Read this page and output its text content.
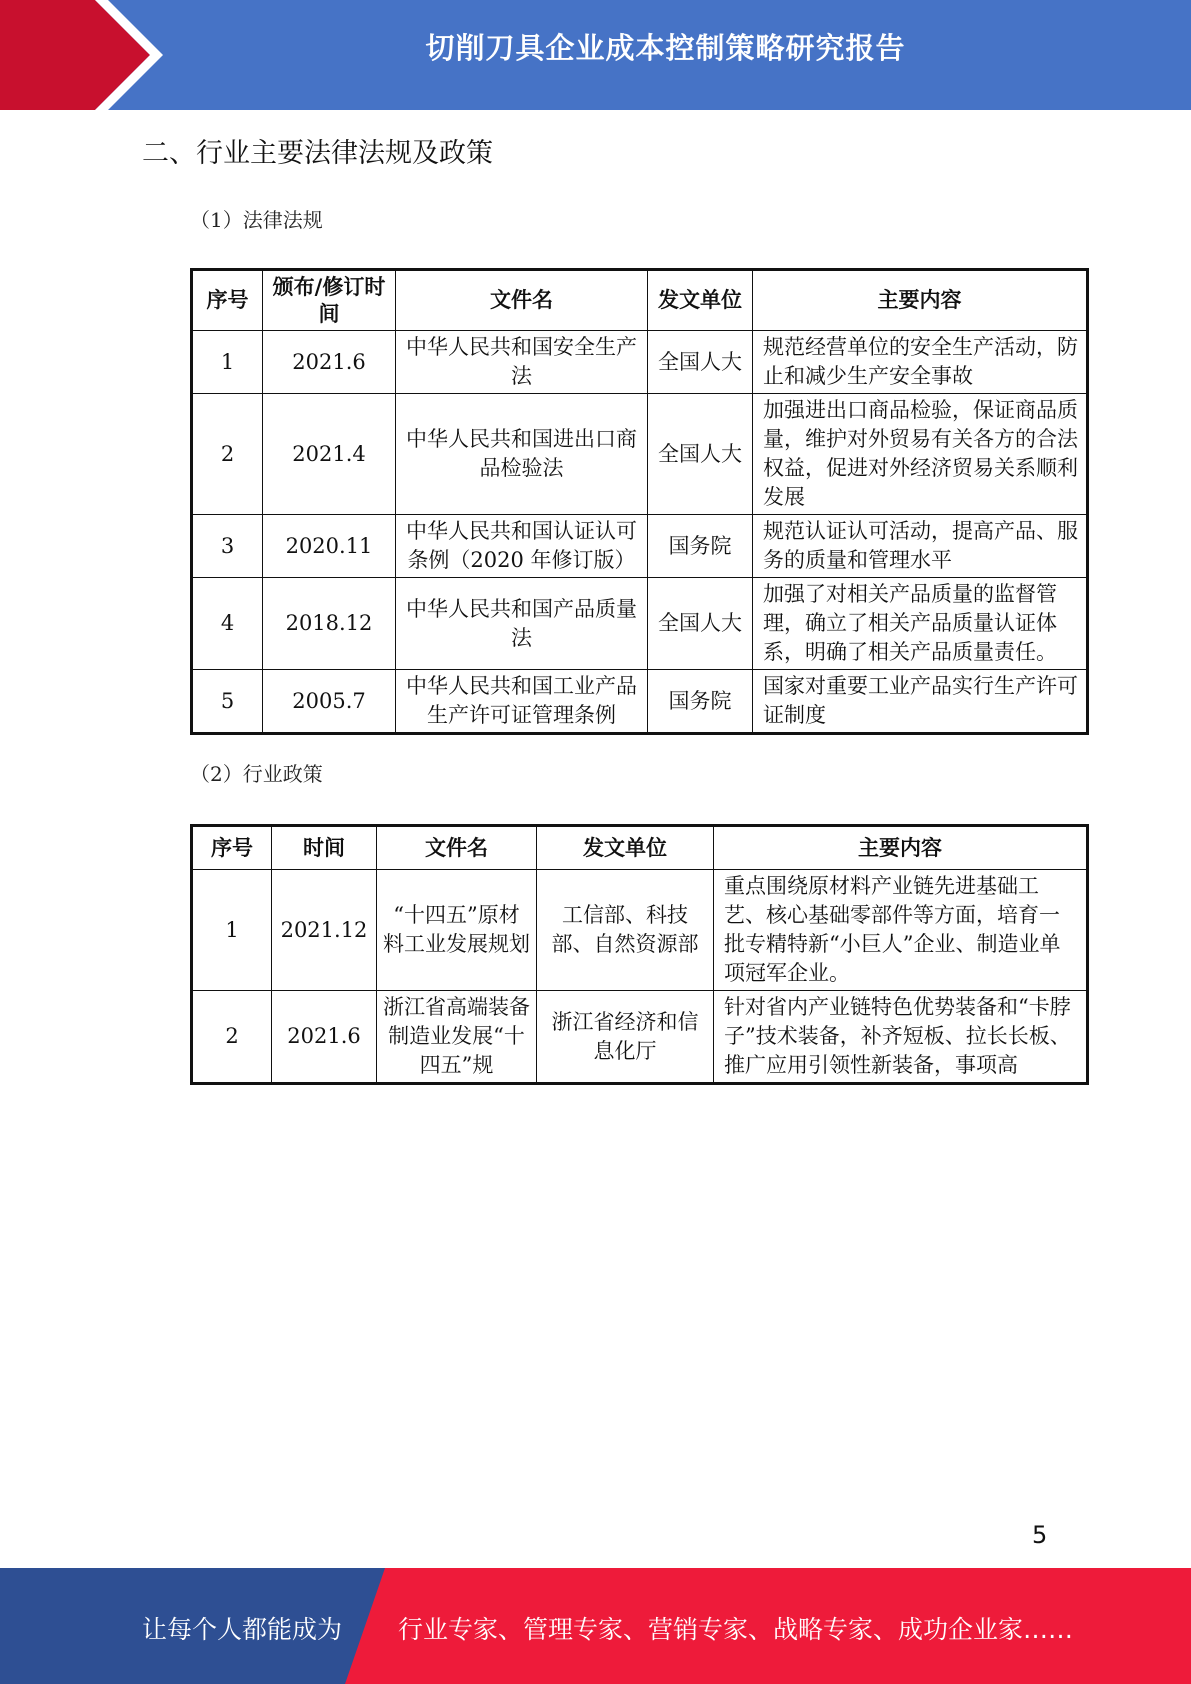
切削刀具企业成本控制策略研究报告
二、行业主要法律法规及政策
（1）法律法规
序号	颁布/修订时间	文件名	发文单位	主要内容
1	2021.6	中华人民共和国安全生产法	全国人大	规范经营单位的安全生产活动，防止和减少生产安全事故
2	2021.4	中华人民共和国进出口商品检验法	全国人大	加强进出口商品检验，保证商品质量，维护对外贸易有关各方的合法权益，促进对外经济贸易关系顺利发展
3	2020.11	中华人民共和国认证认可条例（2020 年修订版）	国务院	规范认证认可活动，提高产品、服务的质量和管理水平
4	2018.12	中华人民共和国产品质量法	全国人大	加强了对相关产品质量的监督管理，确立了相关产品质量认证体系，明确了相关产品质量责任。
5	2005.7	中华人民共和国工业产品生产许可证管理条例	国务院	国家对重要工业产品实行生产许可证制度
（2）行业政策
序号	时间	文件名	发文单位	主要内容
1	2021.12	“十四五”原材料工业发展规划	工信部、科技部、自然资源部	重点围绕原材料产业链先进基础工艺、核心基础零部件等方面，培育一批专精特新“小巨人”企业、制造业单项冠军企业。
2	2021.6	浙江省高端装备制造业发展“十四五”规	浙江省经济和信息化厅	针对省内产业链特色优势装备和“卡脖子”技术装备，补齐短板、拉长长板、推广应用引领性新装备，事项高
5
让每个人都能成为 行业专家、管理专家、营销专家、战略专家、成功企业家……
